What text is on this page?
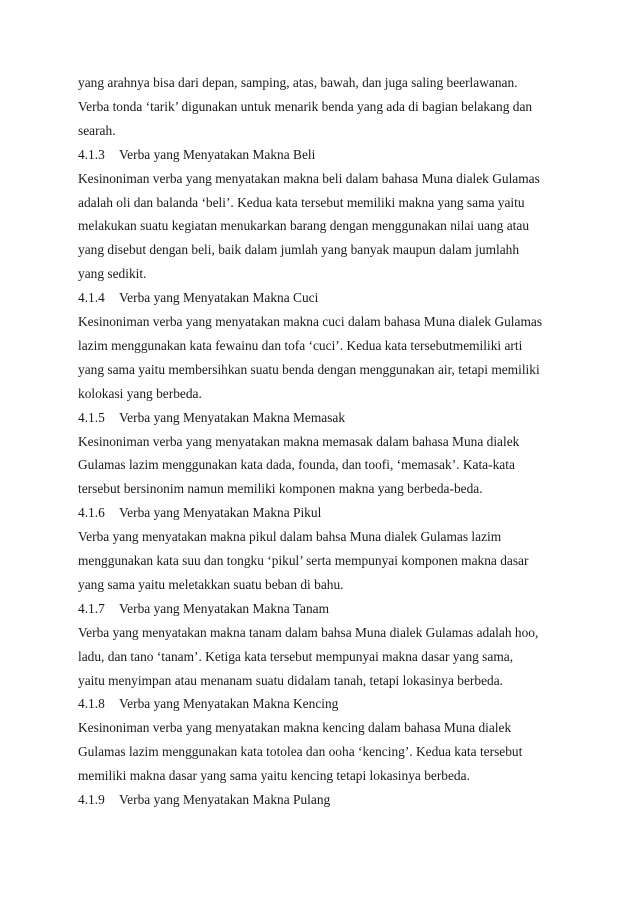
yang arahnya bisa dari depan, samping, atas, bawah, dan juga saling beerlawanan.
Verba tonda ‘tarik’ digunakan untuk menarik benda yang ada di bagian belakang dan
searah.
4.1.3 Verba yang Menyatakan Makna Beli
Kesinoniman verba yang menyatakan makna beli dalam bahasa Muna dialek Gulamas
adalah oli dan balanda ‘beli’. Kedua kata tersebut memiliki makna yang sama yaitu
melakukan suatu kegiatan menukarkan barang dengan menggunakan nilai uang atau
yang disebut dengan beli, baik dalam jumlah yang banyak maupun dalam jumlahh
yang sedikit.
4.1.4 Verba yang Menyatakan Makna Cuci
Kesinoniman verba yang menyatakan makna cuci dalam bahasa Muna dialek Gulamas
lazim menggunakan kata fewainu dan tofa ‘cuci’. Kedua kata tersebutmemiliki arti
yang sama yaitu membersihkan suatu benda dengan menggunakan air, tetapi memiliki
kolokasi yang berbeda.
4.1.5 Verba yang Menyatakan Makna Memasak
Kesinoniman verba yang menyatakan makna memasak dalam bahasa Muna dialek
Gulamas lazim menggunakan kata dada, founda, dan toofi, ‘memasak’. Kata-kata
tersebut bersinonim namun memiliki komponen makna yang berbeda-beda.
4.1.6 Verba yang Menyatakan Makna Pikul
Verba yang menyatakan makna pikul dalam bahsa Muna dialek Gulamas lazim
menggunakan kata suu dan tongku ‘pikul’ serta mempunyai komponen makna dasar
yang sama yaitu meletakkan suatu beban di bahu.
4.1.7 Verba yang Menyatakan Makna Tanam
Verba yang menyatakan makna tanam dalam bahsa Muna dialek Gulamas adalah hoo,
ladu, dan tano ‘tanam’. Ketiga kata tersebut mempunyai makna dasar yang sama,
yaitu menyimpan atau menanam suatu didalam tanah, tetapi lokasinya berbeda.
4.1.8 Verba yang Menyatakan Makna Kencing
Kesinoniman verba yang menyatakan makna kencing dalam bahasa Muna dialek
Gulamas lazim menggunakan kata totolea dan ooha ‘kencing’. Kedua kata tersebut
memiliki makna dasar yang sama yaitu kencing tetapi lokasinya berbeda.
4.1.9 Verba yang Menyatakan Makna Pulang
